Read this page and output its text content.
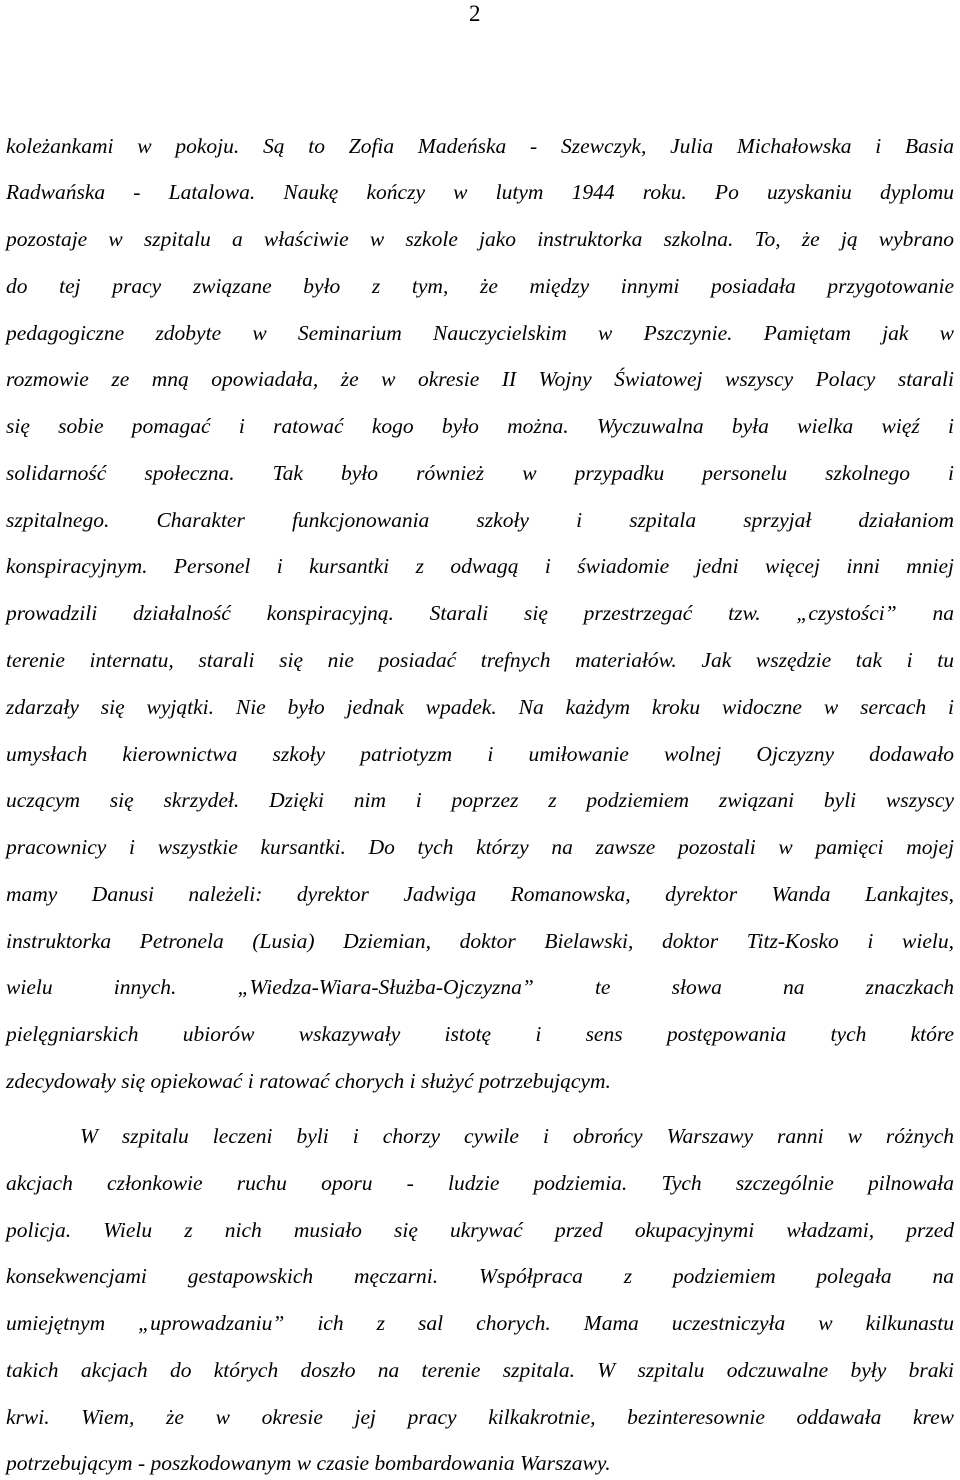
2
koleżankami w pokoju. Są to Zofia Madeńska - Szewczyk, Julia Michałowska i Basia
Radwańska - Latalowa. Naukę kończy w lutym 1944 roku. Po uzyskaniu dyplomu
pozostaje w szpitalu a właściwie w szkole jako instruktorka szkolna. To, że ją wybrano
do tej pracy związane było z tym, że między innymi posiadała przygotowanie
pedagogiczne zdobyte w Seminarium Nauczycielskim w Pszczynie. Pamiętam jak w
rozmowie ze mną opowiadała, że w okresie II Wojny Światowej wszyscy Polacy starali
się sobie pomagać i ratować kogo było można. Wyczuwalna była wielka więź i
solidarność społeczna. Tak było również w przypadku personelu szkolnego i
szpitalnego. Charakter funkcjonowania szkoły i szpitala sprzyjał działaniom
konspiracyjnym. Personel i kursantki z odwagą i świadomie jedni więcej inni mniej
prowadzili działalność konspiracyjną. Starali się przestrzegać tzw. „czystości” na
terenie internatu, starali się nie posiadać trefnych materiałów. Jak wszędzie tak i tu
zdarzały się wyjątki. Nie było jednak wpadek. Na każdym kroku widoczne w sercach i
umysłach kierownictwa szkoły patriotyzm i umiłowanie wolnej Ojczyzny dodawało
uczącym się skrzydeł. Dzięki nim i poprzez z podziemiem związani byli wszyscy
pracownicy i wszystkie kursantki. Do tych którzy na zawsze pozostali w pamięci mojej
mamy Danusi należeli: dyrektor Jadwiga Romanowska, dyrektor Wanda Lankajtes,
instruktorka Petronela (Lusia) Dziemian, doktor Bielawski, doktor Titz-Kosko i wielu,
wielu innych. „Wiedza-Wiara-Służba-Ojczyzna” te słowa na znaczkach
pielęgniarskich ubiorów wskazywały istotę i sens postępowania tych które
zdecydowały się opiekować i ratować chorych i służyć potrzebującym.
W szpitalu leczeni byli i chorzy cywile i obrońcy Warszawy ranni w różnych
akcjach członkowie ruchu oporu - ludzie podziemia. Tych szczególnie pilnowała
policja. Wielu z nich musiało się ukrywać przed okupacyjnymi władzami, przed
konsekwencjami gestapowskich męczarni. Współpraca z podziemiem polegała na
umiejętnym „uprowadzaniu” ich z sal chorych. Mama uczestniczyła w kilkunastu
takich akcjach do których doszło na terenie szpitala. W szpitalu odczuwalne były braki
krwi. Wiem, że w okresie jej pracy kilkakrotnie, bezinteresownie oddawała krew
potrzebującym - poszkodowanym w czasie bombardowania Warszawy.
